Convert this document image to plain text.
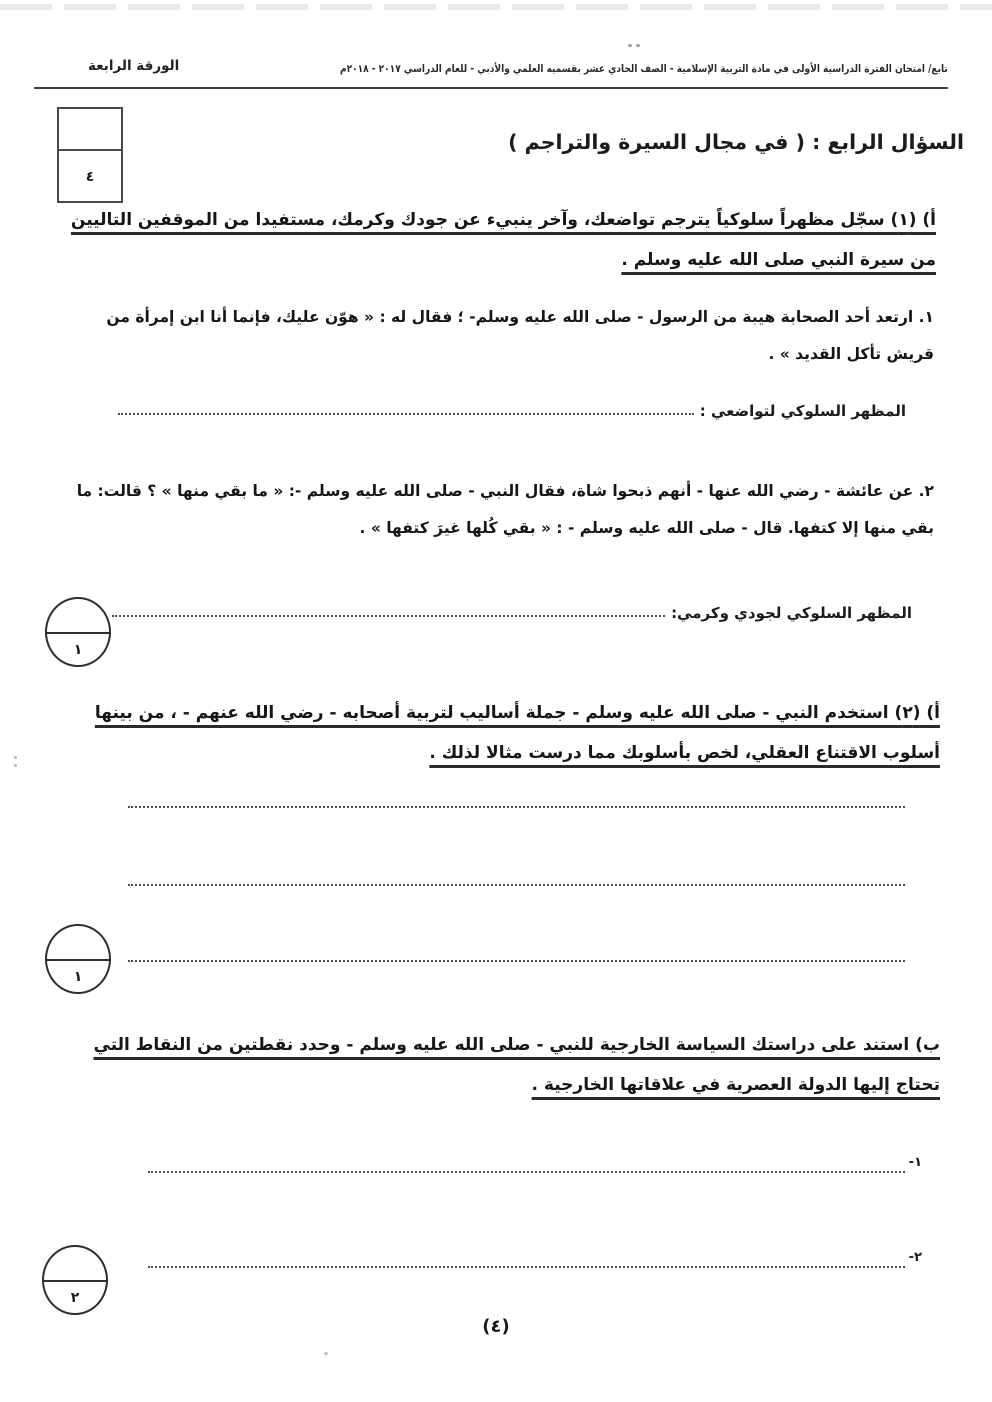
تابع/ امتحان الفترة الدراسية الأولى في مادة التربية الإسلامية - الصف الحادي عشر بقسميه العلمي والأدبي - للعام الدراسي ٢٠١٧ - ٢٠١٨م
الورقة الرابعة
٤
السؤال الرابع : ( في مجال السيرة والتراجم )
أ) (١) سجّل مظهراً سلوكياً يترجم تواضعك، وآخر ينبيء عن جودك وكرمك، مستفيدا من الموقفين التاليين من سيرة النبي صلى الله عليه وسلم .
١. ارتعد أحد الصحابة هيبة من الرسول - صلى الله عليه وسلم- ؛ فقال له : « هوّن عليك، فإنما أنا ابن إمرأة من قريش تأكل القديد » .
المظهر السلوكي لتواضعي :
٢. عن عائشة - رضي الله عنها - أنهم ذبحوا شاة، فقال النبي - صلى الله عليه وسلم -: « ما بقي منها » ؟ قالت: ما بقي منها إلا كتفها. قال - صلى الله عليه وسلم - : « بقي كُلها غيرَ كتفها » .
المظهر السلوكي لجودي وكرمي:
١
أ) (٢) استخدم النبي - صلى الله عليه وسلم - جملة أساليب لتربية أصحابه - رضي الله عنهم - ، من بينها أسلوب الاقتناع العقلي، لخص بأسلوبك مما درست مثالا لذلك .
١
ب) استند على دراستك السياسة الخارجية للنبي - صلى الله عليه وسلم - وحدد نقطتين من النقاط التي تحتاج إليها الدولة العصرية في علاقاتها الخارجية .
-١
-٢
٢
(٤)
